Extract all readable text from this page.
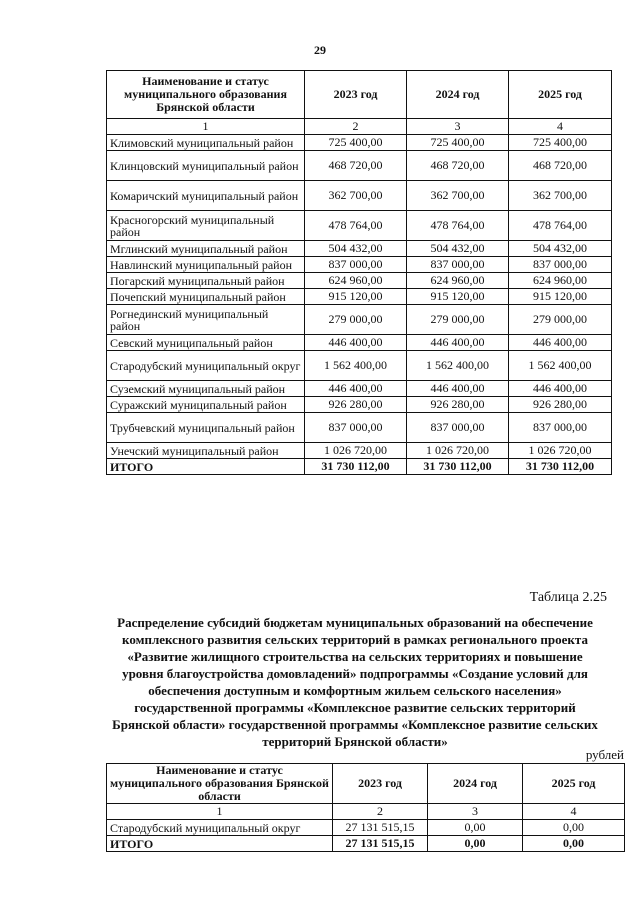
29
Наименование и статус муниципального образования Брянской области	2023 год	2024 год	2025 год
1	2	3	4
Климовский муниципальный район	725 400,00	725 400,00	725 400,00
Клинцовский муниципальный район	468 720,00	468 720,00	468 720,00
Комаричский муниципальный район	362 700,00	362 700,00	362 700,00
Красногорский муниципальный район	478 764,00	478 764,00	478 764,00
Мглинский муниципальный район	504 432,00	504 432,00	504 432,00
Навлинский муниципальный район	837 000,00	837 000,00	837 000,00
Погарский муниципальный район	624 960,00	624 960,00	624 960,00
Почепский муниципальный район	915 120,00	915 120,00	915 120,00
Рогнединский муниципальный район	279 000,00	279 000,00	279 000,00
Севский муниципальный район	446 400,00	446 400,00	446 400,00
Стародубский муниципальный округ	1 562 400,00	1 562 400,00	1 562 400,00
Суземский муниципальный район	446 400,00	446 400,00	446 400,00
Суражский муниципальный район	926 280,00	926 280,00	926 280,00
Трубчевский муниципальный район	837 000,00	837 000,00	837 000,00
Унечский муниципальный район	1 026 720,00	1 026 720,00	1 026 720,00
ИТОГО	31 730 112,00	31 730 112,00	31 730 112,00
Таблица 2.25

Распределение субсидий бюджетам муниципальных образований на обеспечение комплексного развития сельских территорий в рамках регионального проекта «Развитие жилищного строительства на сельских территориях и повышение уровня благоустройства домовладений» подпрограммы «Создание условий для обеспечения доступным и комфортным жильем сельского населения» государственной программы «Комплексное развитие сельских территорий Брянской области» государственной программы «Комплексное развитие сельских территорий Брянской области»

рублей
Наименование и статус муниципального образования Брянской области	2023 год	2024 год	2025 год
1	2	3	4
Стародубский муниципальный округ	27 131 515,15	0,00	0,00
ИТОГО	27 131 515,15	0,00	0,00
